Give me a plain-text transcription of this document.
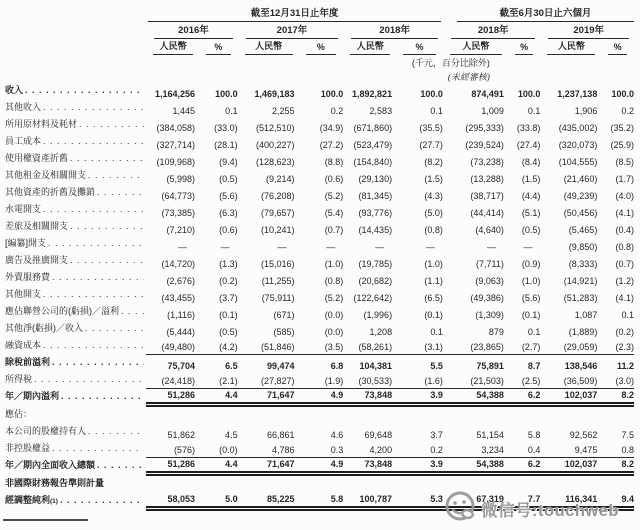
	截至12月31日止年度						截至6月30日止六個月			

	2016年		2017年		2018年		2018年		2019年	

	人民幣	%	人民幣	%	人民幣	%	人民幣	%	人民幣	%

(千元，百分比除外)										

(未經審核)										

收入 . . .	1,164,256	100.0	1,469,183	100.0	1,892,821	100.0	874,491	100.0	1,237,138	100.0

其他收入 . . .	1,445	0.1	2,255	0.2	2,583	0.1	1,009	0.1	1,906	0.2

所用原材料及耗材 . . .	(384,058)	(33.0)	(512,510)	(34.9)	(671,860)	(35.5)	(295,333)	(33.8)	(435,002)	(35.2)

員工成本 . . .	(327,714)	(28.1)	(400,227)	(27.2)	(523,479)	(27.7)	(239,524)	(27.4)	(320,073)	(25.9)

使用權資產折舊 . . .	(109,968)	(9.4)	(128,623)	(8.8)	(154,840)	(8.2)	(73,238)	(8.4)	(104,555)	(8.5)

其他租金及相關開支 . . .	(5,998)	(0.5)	(9,214)	(0.6)	(29,130)	(1.5)	(13,288)	(1.5)	(21,460)	(1.7)

其他資產的折舊及攤銷 . . .	(64,773)	(5.6)	(76,208)	(5.2)	(81,345)	(4.3)	(38,717)	(4.4)	(49,239)	(4.0)

水電開支 . . .	(73,385)	(6.3)	(79,657)	(5.4)	(93,776)	(5.0)	(44,414)	(5.1)	(50,456)	(4.1)

差旅及相關開支 . . .	(7,210)	(0.6)	(10,241)	(0.7)	(14,435)	(0.8)	(4,640)	(0.5)	(5,465)	(0.4)

[編纂]開支 . . .	—	—	—	—	—	—	—	—	(9,850)	(0.8)

廣告及推廣開支 . . .	(14,720)	(1.3)	(15,016)	(1.0)	(19,785)	(1.0)	(7,711)	(0.9)	(8,333)	(0.7)

外賣服務費 . . .	(2,676)	(0.2)	(11,255)	(0.8)	(20,682)	(1.1)	(9,063)	(1.0)	(14,921)	(1.2)

其他開支 . . .	(43,455)	(3.7)	(75,911)	(5.2)	(122,642)	(6.5)	(49,386)	(5.6)	(51,283)	(4.1)

應佔聯營公司的(虧損)／溢利 . . .	(1,116)	(0.1)	(671)	(0.0)	(1,996)	(0.1)	(1,309)	(0.1)	1,087	0.1

其他淨(虧損)／收入 . . .	(5,444)	(0.5)	(585)	(0.0)	1,208	0.1	879	0.1	(1,889)	(0.2)

融資成本 . . .	(49,480)	(4.2)	(51,846)	(3.5)	(58,261)	(3.1)	(23,865)	(2.7)	(29,059)	(2.3)

除稅前溢利 . . .	75,704	6.5	99,474	6.8	104,381	5.5	75,891	8.7	138,546	11.2

所得稅 . . .	(24,418)	(2.1)	(27,827)	(1.9)	(30,533)	(1.6)	(21,503)	(2.5)	(36,509)	(3.0)

年／期內溢利 . . .	51,286	4.4	71,647	4.9	73,848	3.9	54,388	6.2	102,037	8.2

應佔：

本公司的股權持有人 . . .	51,862	4.5	66,861	4.6	69,648	3.7	51,154	5.8	92,562	7.5

非控股權益 . . .	(576)	(0.0)	4,786	0.3	4,200	0.2	3,234	0.4	9,475	0.8

年／期內全面收入總額 . . .	51,286	4.4	71,647	4.9	73,848	3.9	54,388	6.2	102,037	8.2

非國際財務報告準則計量

經調整純利$_{(1)}$ . . .	58,053	5.0	85,225	5.8	100,787	5.3	67,319	7.7	116,341	9.4
微信号:touchweb
